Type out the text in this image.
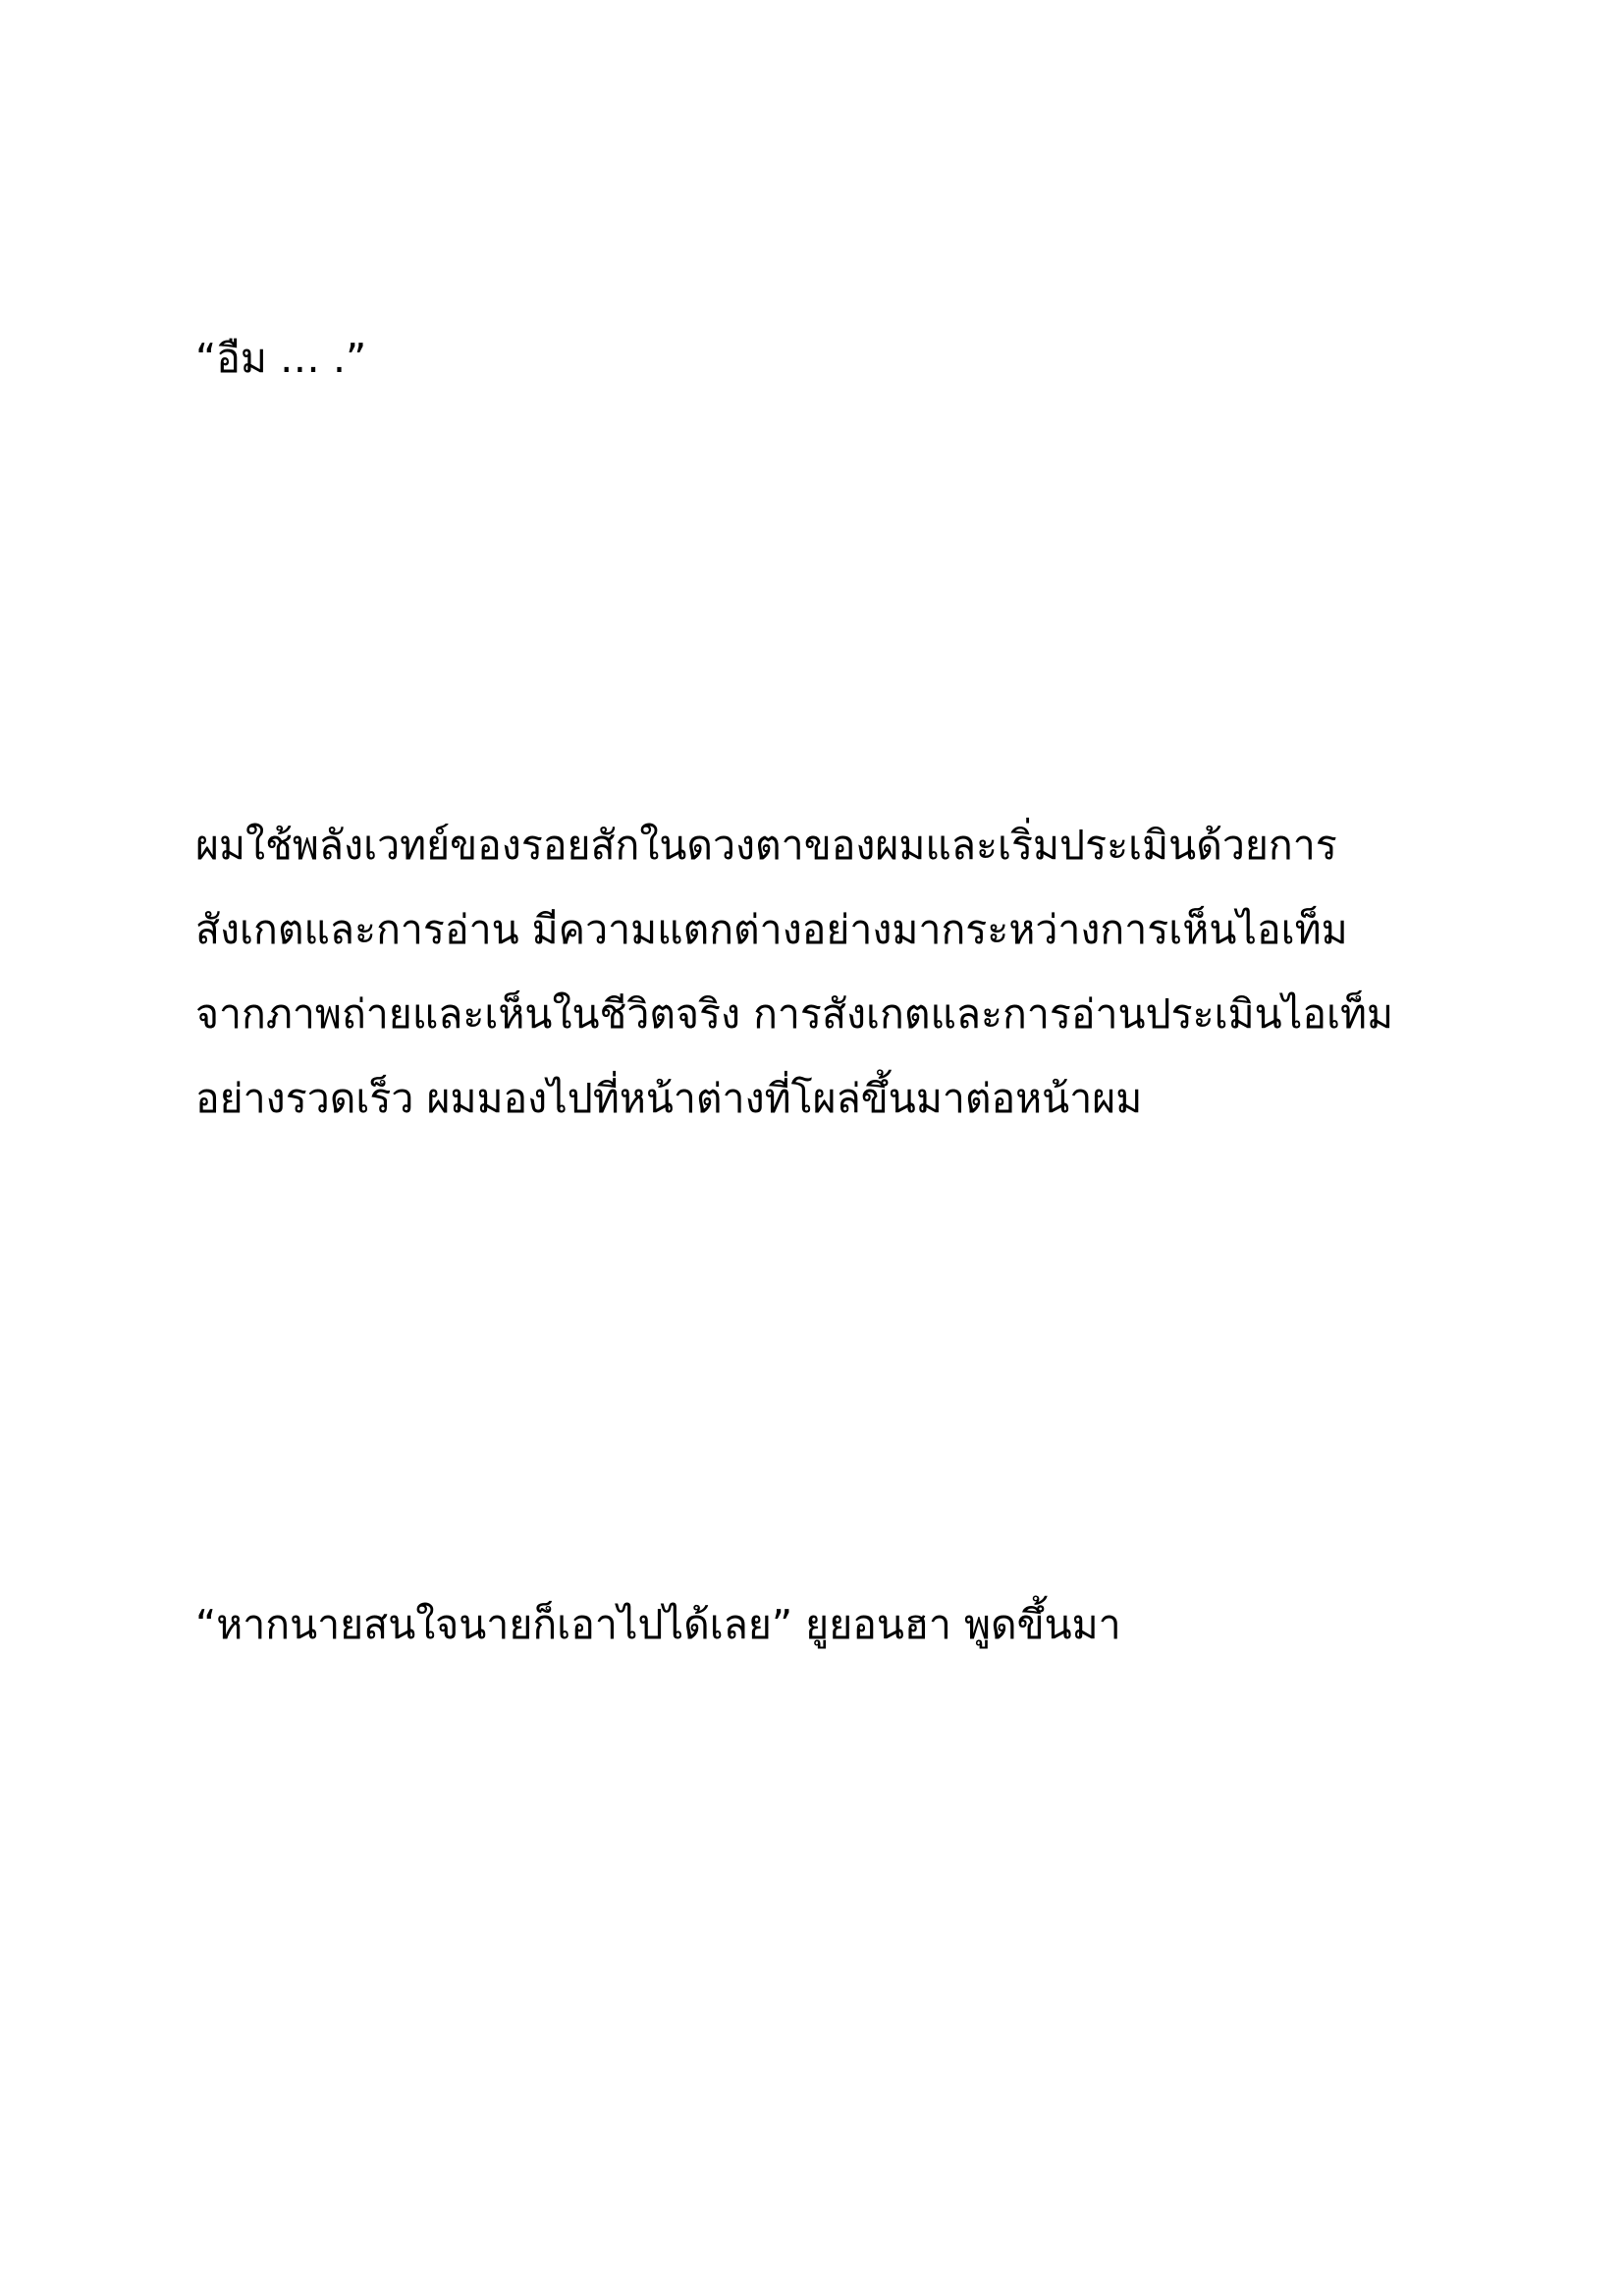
“อืม … .”
ผมใช้พลังเวทย์ของรอยสักในดวงตาของผมและเริ่มประเมินด้วยการ
สังเกตและการอ่าน มีความแตกต่างอย่างมากระหว่างการเห็นไอเท็ม
จากภาพถ่ายและเห็นในชีวิตจริง การสังเกตและการอ่านประเมินไอเท็ม
อย่างรวดเร็ว ผมมองไปที่หน้าต่างที่โผล่ขึ้นมาต่อหน้าผม
“หากนายสนใจนายก็เอาไปได้เลย” ยูยอนฮา พูดขึ้นมา
